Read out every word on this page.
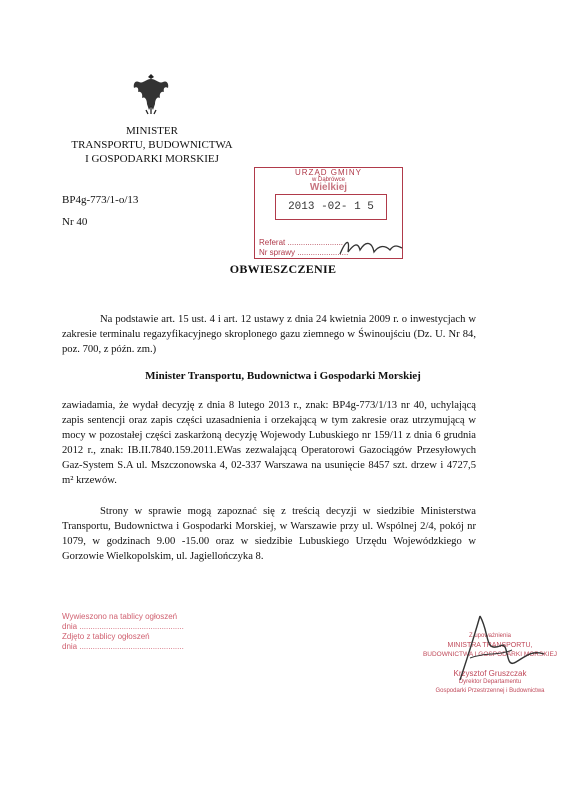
MINISTER
TRANSPORTU, BUDOWNICTWA
I GOSPODARKI MORSKIEJ
BP4g-773/1-o/13
Nr 40
URZĄD GMINY
w Dąbrówce
Wielkiej
2013 -02- 1 5
Referat .........................
Nr sprawy .......................
OBWIESZCZENIE
Na podstawie art. 15 ust. 4 i art. 12 ustawy z dnia 24 kwietnia 2009 r. o inwestycjach w zakresie terminalu regazyfikacyjnego skroplonego gazu ziemnego w Świnoujściu (Dz. U. Nr 84, poz. 700, z późn. zm.)
Minister Transportu, Budownictwa i Gospodarki Morskiej
zawiadamia, że wydał decyzję z dnia 8 lutego 2013 r., znak: BP4g-773/1/13 nr 40, uchylającą zapis sentencji oraz zapis części uzasadnienia i orzekającą w tym zakresie oraz utrzymującą w mocy w pozostałej części zaskarżoną decyzję Wojewody Lubuskiego nr 159/11 z dnia 6 grudnia 2012 r., znak: IB.II.7840.159.2011.EWas zezwalającą Operatorowi Gazociągów Przesyłowych Gaz-System S.A ul. Mszczonowska 4, 02-337 Warszawa na usunięcie 8457 szt. drzew i 4727,5 m² krzewów.
Strony w sprawie mogą zapoznać się z treścią decyzji w siedzibie Ministerstwa Transportu, Budownictwa i Gospodarki Morskiej, w Warszawie przy ul. Wspólnej 2/4, pokój nr 1079, w godzinach 9.00 -15.00 oraz w siedzibie Lubuskiego Urzędu Wojewódzkiego w Gorzowie Wielkopolskim, ul. Jagiellończyka 8.
Wywieszono na tablicy ogłoszeń
dnia ...............................................
Zdjęto z tablicy ogłoszeń
dnia ...............................................
Z upoważnienia
MINISTRA TRANSPORTU,
BUDOWNICTWA I GOSPODARKI MORSKIEJ
Krzysztof Gruszczak
Dyrektor Departamentu
Gospodarki Przestrzennej i Budownictwa
